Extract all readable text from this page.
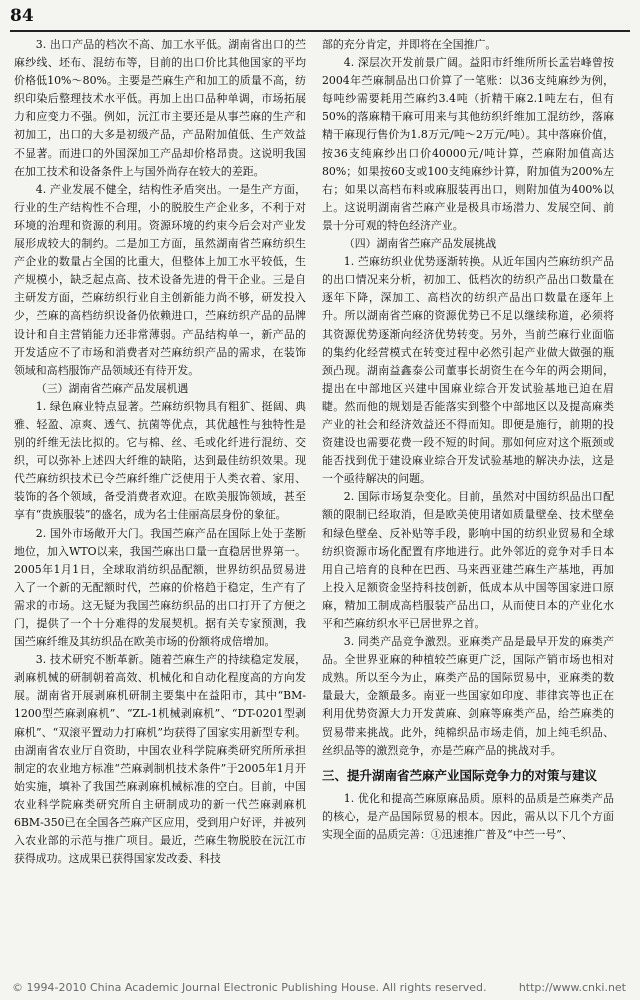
84

3. 出口产品的档次不高、加工水平低。湖南省出口的苎麻纱线、坯布、混纺布等，目前的出口价比其他国家的平均价格低10%～80%。主要是苎麻生产和加工的质量不高，纺织印染后整理技术水平低。再加上出口品种单调，市场拓展力和应变力不强。例如，沅江市主要还是从事苎麻的生产和初加工，出口的大多是初级产品，产品附加值低、生产效益不显著。而进口的外国深加工产品却价格昂贵。这说明我国在加工技术和设备条件上与国外尚存在较大的差距。

4. 产业发展不健全，结构性矛盾突出。一是生产方面，行业的生产结构性不合理，小的脱胶生产企业多，不利于对环境的治理和资源的利用。资源环境的约束今后会对产业发展形成较大的制约。二是加工方面，虽然湖南省苎麻纺织生产企业的数量占全国的比重大，但整体上加工水平较低，生产规模小，缺乏起点高、技术设备先进的骨干企业。三是自主研发方面，苎麻纺织行业自主创新能力尚不够，研发投入少，苎麻的高档纺织设备仍依赖进口，苎麻纺织产品的品牌设计和自主营销能力还非常薄弱。产品结构单一，新产品的开发适应不了市场和消费者对苎麻纺织产品的需求，在装饰领域和高档服饰产品领域还有待开发。

（三）湖南省苎麻产品发展机遇

1. 绿色麻业特点显著。苎麻纺织物具有粗犷、挺阔、典雅、轻盈、凉爽、透气、抗菌等优点，其优越性与独特性是别的纤维无法比拟的。它与棉、丝、毛或化纤进行混纺、交织，可以弥补上述四大纤维的缺陷，达到最佳纺织效果。现代苎麻纺织技术已令苎麻纤维广泛使用于人类衣着、家用、装饰的各个领域，备受消费者欢迎。在欧美服饰领域，甚至享有“贵族服装”的盛名，成为名士佳丽高层身份的象征。

2. 国外市场敞开大门。我国苎麻产品在国际上处于垄断地位，加入WTO以来，我国苎麻出口量一直稳居世界第一。2005年1月1日，全球取消纺织品配额，世界纺织品贸易进入了一个新的无配额时代，苎麻的价格趋于稳定，生产有了需求的市场。这无疑为我国苎麻纺织品的出口打开了方便之门，提供了一个十分难得的发展契机。据有关专家预测，我国苎麻纤维及其纺织品在欧美市场的份额将成倍增加。

3. 技术研究不断革新。随着苎麻生产的持续稳定发展，剥麻机械的研制朝着高效、机械化和自动化程度高的方向发展。湖南省开展剥麻机研制主要集中在益阳市，其中“BM-1200型苎麻剥麻机”、“ZL-1机械剥麻机”、“DT-0201型剥麻机”、“双滚平置动力打麻机”均获得了国家实用新型专利。由湖南省农业厅自资助，中国农业科学院麻类研究所所承担制定的农业地方标准“苎麻剥制机技术条件”于2005年1月开始实施，填补了我国苎麻剥麻机械标准的空白。目前，中国农业科学院麻类研究所自主研制成功的新一代苎麻剥麻机6BM-350已在全国各苎麻产区应用，受到用户好评，并被列入农业部的示范与推广项目。最近，苎麻生物脱胶在沅江市获得成功。这成果已获得国家发改委、科技

部的充分肯定，并即将在全国推广。

4. 深层次开发前景广阔。益阳市纤维所所长孟岩峰曾按2004年苎麻制品出口价算了一笔账：以36支纯麻纱为例，每吨纱需要耗用苎麻约3.4吨（折精干麻2.1吨左右，但有50%的落麻精干麻可用来与其他纺织纤维加工混纺纱，落麻精干麻现行售价为1.8万元/吨～2万元/吨）。其中落麻价值，按36支纯麻纱出口价40000元/吨计算，苎麻附加值高达80%；如果按60支或100支纯麻纱计算，附加值为200%左右；如果以高档布料或麻服装再出口，则附加值为400%以上。这说明湖南省苎麻产业是极具市场潜力、发展空间、前景十分可观的特色经济产业。

（四）湖南省苎麻产品发展挑战

1. 苎麻纺织业优势逐渐转换。从近年国内苎麻纺织产品的出口情况来分析，初加工、低档次的纺织产品出口数量在逐年下降，深加工、高档次的纺织产品出口数量在逐年上升。所以湖南省苎麻的资源优势已不足以继续称道，必须将其资源优势逐渐向经济优势转变。另外，当前苎麻行业面临的集约化经营模式在转变过程中必然引起产业做大做强的瓶颈凸现。湖南益鑫泰公司董事长胡资生在今年的两会期间，提出在中部地区兴建中国麻业综合开发试验基地已迫在眉睫。然而他的规划是否能落实到整个中部地区以及提高麻类产业的社会和经济效益还不得而知。即便是施行，前期的投资建设也需要花费一段不短的时间。那如何应对这个瓶颈或能否找到优于建设麻业综合开发试验基地的解决办法，这是一个亟待解决的问题。

2. 国际市场复杂变化。目前，虽然对中国纺织品出口配额的限制已经取消，但是欧美使用诸如质量壁垒、技术壁垒和绿色壁垒、反补贴等手段，影响中国的纺织业贸易和全球纺织资源市场化配置有序地进行。此外邻近的竞争对手日本用自己培育的良种在巴西、马来西亚建苎麻生产基地，再加上投入足额资金坚持科技创新，低成本从中国等国家进口原麻，精加工制成高档服装产品出口，从而使日本的产业化水平和苎麻纺织水平已居世界之首。

3. 同类产品竞争激烈。亚麻类产品是最早开发的麻类产品。全世界亚麻的种植较苎麻更广泛，国际产销市场也相对成熟。所以至今为止，麻类产品的国际贸易中，亚麻类的数量最大，金额最多。南亚一些国家如印度、菲律宾等也正在利用优势资源大力开发黄麻、剑麻等麻类产品，给苎麻类的贸易带来挑战。此外，纯棉织品市场走俏，加上纯毛织品、丝织品等的激烈竞争，亦是苎麻产品的挑战对手。

三、提升湖南省苎麻产业国际竞争力的对策与建议

1. 优化和提高苎麻原麻品质。原料的品质是苎麻类产品的核心，是产品国际贸易的根本。因此，需从以下几个方面实现全面的品质完善：①迅速推广普及“中苎一号”、

© 1994-2010 China Academic Journal Electronic Publishing House. All rights reserved.	http://www.cnki.net
